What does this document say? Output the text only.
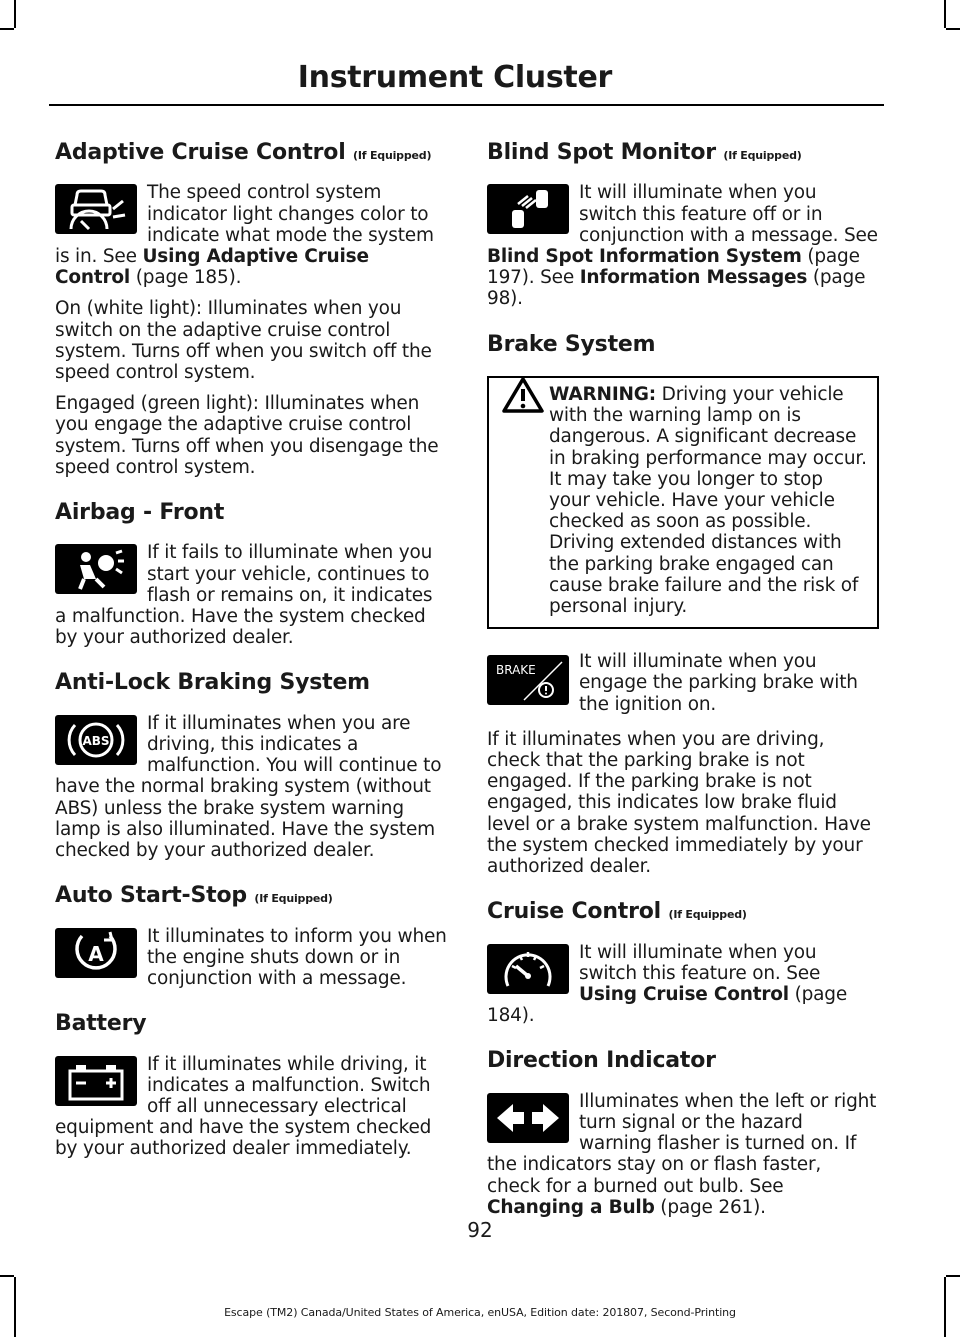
Instrument Cluster
Adaptive Cruise Control (If Equipped)

The speed control system indicator light changes color to indicate what mode the system is in. See Using Adaptive Cruise Control (page 185).

On (white light): Illuminates when you switch on the adaptive cruise control system. Turns off when you switch off the speed control system.

Engaged (green light): Illuminates when you engage the adaptive cruise control system. Turns off when you disengage the speed control system.

Airbag - Front

If it fails to illuminate when you start your vehicle, continues to flash or remains on, it indicates a malfunction. Have the system checked by your authorized dealer.

Anti-Lock Braking System
ABS

If it illuminates when you are driving, this indicates a malfunction. You will continue to have the normal braking system (without ABS) unless the brake system warning lamp is also illuminated. Have the system checked by your authorized dealer.

Auto Start-Stop (If Equipped)
A

It illuminates to inform you when the engine shuts down or in conjunction with a message.

Battery

If it illuminates while driving, it indicates a malfunction. Switch off all unnecessary electrical equipment and have the system checked by your authorized dealer immediately.

Blind Spot Monitor (If Equipped)

It will illuminate when you switch this feature off or in conjunction with a message. See Blind Spot Information System (page 197). See Information Messages (page 98).

Brake System

WARNING: Driving your vehicle with the warning lamp on is dangerous. A significant decrease in braking performance may occur. It may take you longer to stop your vehicle. Have your vehicle checked as soon as possible. Driving extended distances with the parking brake engaged can cause brake failure and the risk of personal injury.

BRAKE	It will illuminate when you engage the parking brake with the ignition on.

If it illuminates when you are driving, check that the parking brake is not engaged. If the parking brake is not engaged, this indicates low brake fluid level or a brake system malfunction. Have the system checked immediately by your authorized dealer.

Cruise Control (If Equipped)

It will illuminate when you switch this feature on. See Using Cruise Control (page 184).

Direction Indicator

Illuminates when the left or right turn signal or the hazard warning flasher is turned on. If the indicators stay on or flash faster, check for a burned out bulb. See Changing a Bulb (page 261).

92
Escape (TM2) Canada/United States of America, enUSA, Edition date: 201807, Second-Printing
